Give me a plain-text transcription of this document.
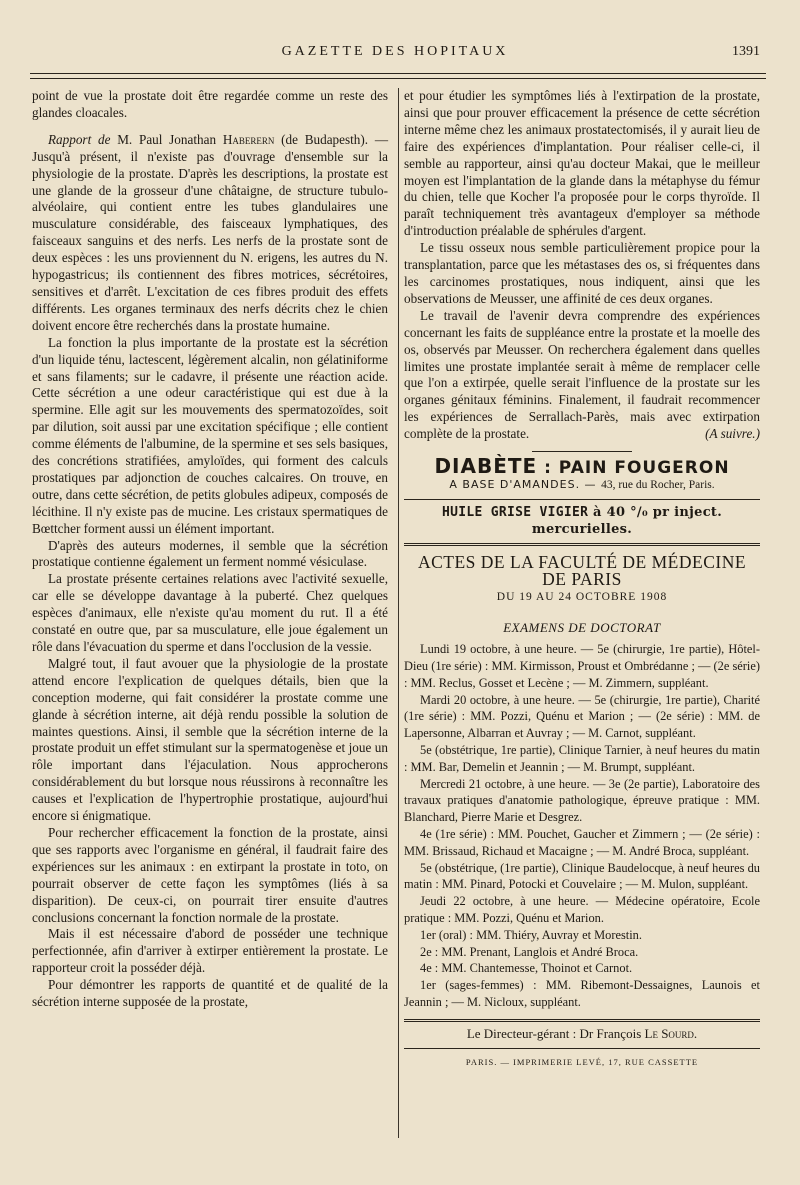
GAZETTE DES HOPITAUX	1391

point de vue la prostate doit être regardée comme un reste des glandes cloacales.

Rapport de M. Paul Jonathan Haberern (de Budapesth). — Jusqu'à présent, il n'existe pas d'ouvrage d'ensemble sur la physiologie de la prostate. D'après les descriptions, la prostate est une glande de la grosseur d'une châtaigne, de structure tubulo-alvéolaire, qui contient entre les tubes glandulaires une musculature considérable, des faisceaux lymphatiques, des faisceaux sanguins et des nerfs. Les nerfs de la prostate sont de deux espèces : les uns proviennent du N. erigens, les autres du N. hypogastricus; ils contiennent des fibres motrices, sécrétoires, sensitives et d'arrêt. L'excitation de ces fibres produit des effets différents. Les organes terminaux des nerfs décrits chez le chien doivent encore être recherchés dans la prostate humaine.

La fonction la plus importante de la prostate est la sécrétion d'un liquide ténu, lactescent, légèrement alcalin, non gélatiniforme et sans filaments; sur le cadavre, il présente une réaction acide. Cette sécrétion a une odeur caractéristique qui est due à la spermine. Elle agit sur les mouvements des spermatozoïdes, soit par dilution, soit aussi par une excitation spécifique ; elle contient comme éléments de l'albumine, de la spermine et ses sels basiques, des concrétions stratifiées, amyloïdes, qui forment des calculs prostatiques par adjonction de couches calcaires. On trouve, en outre, dans cette sécrétion, de petits globules adipeux, composés de lécithine. Il n'y existe pas de mucine. Les cristaux spermatiques de Bœttcher forment aussi un élément important.

D'après des auteurs modernes, il semble que la sécrétion prostatique contienne également un ferment nommé vésiculase.

La prostate présente certaines relations avec l'activité sexuelle, car elle se développe davantage à la puberté. Chez quelques espèces d'animaux, elle n'existe qu'au moment du rut. Il a été constaté en outre que, par sa musculature, elle joue également un rôle dans l'évacuation du sperme et dans l'occlusion de la vessie.

Malgré tout, il faut avouer que la physiologie de la prostate attend encore l'explication de quelques détails, bien que la conception moderne, qui fait considérer la prostate comme une glande à sécrétion interne, ait déjà rendu possible la solution de maintes questions. Ainsi, il semble que la sécrétion interne de la prostate produit un effet stimulant sur la spermatogenèse et joue un rôle important dans l'éjaculation. Nous approcherons considérablement du but lorsque nous réussirons à reconnaître les causes et l'explication de l'hypertrophie prostatique, aujourd'hui encore si énigmatique.

Pour rechercher efficacement la fonction de la prostate, ainsi que ses rapports avec l'organisme en général, il faudrait faire des expériences sur les animaux : en extirpant la prostate in toto, on pourrait observer de cette façon les symptômes (liés à sa disparition). De ceux-ci, on pourrait tirer ensuite d'autres conclusions concernant la fonction normale de la prostate.

Mais il est nécessaire d'abord de posséder une technique perfectionnée, afin d'arriver à extirper entièrement la prostate. Le rapporteur croit la posséder déjà.

Pour démontrer les rapports de quantité et de qualité de la sécrétion interne supposée de la prostate,

et pour étudier les symptômes liés à l'extirpation de la prostate, ainsi que pour prouver efficacement la présence de cette sécrétion interne même chez les animaux prostatectomisés, il y aurait lieu de faire des expériences d'implantation. Pour réaliser celle-ci, il semble au rapporteur, ainsi qu'au docteur Makai, que le meilleur moyen est l'implantation de la glande dans la métaphyse du fémur du chien, telle que Kocher l'a proposée pour le corps thyroïde. Il paraît techniquement très avantageux d'employer sa méthode d'introduction préalable de sphérules d'argent.

Le tissu osseux nous semble particulièrement propice pour la transplantation, parce que les métastases des os, si fréquentes dans les carcinomes prostatiques, nous indiquent, ainsi que les observations de Meusser, une affinité de ces deux organes.

Le travail de l'avenir devra comprendre des expériences concernant les faits de suppléance entre la prostate et la moelle des os, observés par Meusser. On recherchera également dans quelles limites une prostate implantée serait à même de remplacer celle que l'on a extirpée, quelle serait l'influence de la prostate sur les organes génitaux féminins. Finalement, il faudrait recommencer les expériences de Serrallach-Parès, mais avec extirpation complète de la prostate.	(A suivre.)

DIABÈTE : PAIN FOUGERON
A BASE D'AMANDES. — 43, rue du Rocher, Paris.
HUILE GRISE VIGIER à 40 °/₀ pr inject. mercurielles.
ACTES DE LA FACULTÉ DE MÉDECINE DE PARIS
DU 19 AU 24 OCTOBRE 1908
EXAMENS DE DOCTORAT

Lundi 19 octobre, à une heure. — 5e (chirurgie, 1re partie), Hôtel-Dieu (1re série) : MM. Kirmisson, Proust et Ombrédanne ; — (2e série) : MM. Reclus, Gosset et Lecène ; — M. Zimmern, suppléant.

Mardi 20 octobre, à une heure. — 5e (chirurgie, 1re partie), Charité (1re série) : MM. Pozzi, Quénu et Marion ; — (2e série) : MM. de Lapersonne, Albarran et Auvray ; — M. Carnot, suppléant.

5e (obstétrique, 1re partie), Clinique Tarnier, à neuf heures du matin : MM. Bar, Demelin et Jeannin ; — M. Brumpt, suppléant.

Mercredi 21 octobre, à une heure. — 3e (2e partie), Laboratoire des travaux pratiques d'anatomie pathologique, épreuve pratique : MM. Blanchard, Pierre Marie et Desgrez.

4e (1re série) : MM. Pouchet, Gaucher et Zimmern ; — (2e série) : MM. Brissaud, Richaud et Macaigne ; — M. André Broca, suppléant.

5e (obstétrique, (1re partie), Clinique Baudelocque, à neuf heures du matin : MM. Pinard, Potocki et Couvelaire ; — M. Mulon, suppléant.

Jeudi 22 octobre, à une heure. — Médecine opératoire, Ecole pratique : MM. Pozzi, Quénu et Marion.

1er (oral) : MM. Thiéry, Auvray et Morestin.

2e : MM. Prenant, Langlois et André Broca.

4e : MM. Chantemesse, Thoinot et Carnot.

1er (sages-femmes) : MM. Ribemont-Dessaignes, Launois et Jeannin ; — M. Nicloux, suppléant.

Le Directeur-gérant : Dr François Le Sourd.
PARIS. — IMPRIMERIE LEVÉ, 17, RUE CASSETTE
